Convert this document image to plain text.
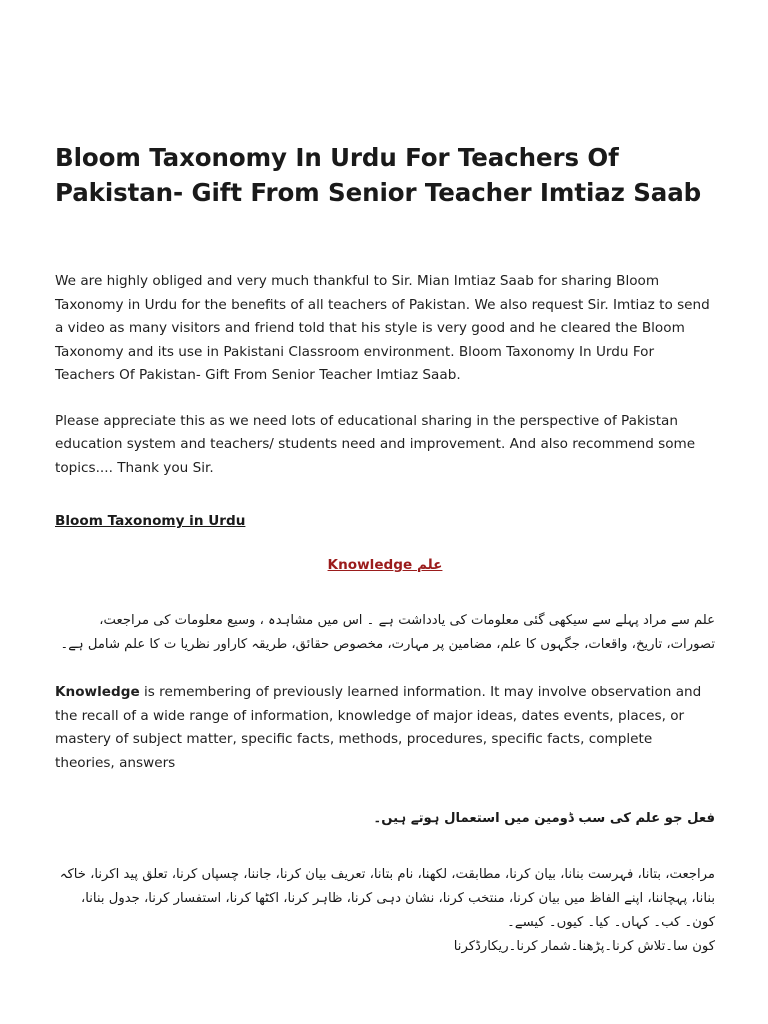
Bloom Taxonomy In Urdu For Teachers Of Pakistan- Gift From Senior Teacher Imtiaz Saab

We are highly obliged and very much thankful to Sir. Mian Imtiaz Saab for sharing Bloom Taxonomy in Urdu for the benefits of all teachers of Pakistan. We also request Sir. Imtiaz to send a video as many visitors and friend told that his style is very good and he cleared the Bloom Taxonomy and its use in Pakistani Classroom environment. Bloom Taxonomy In Urdu For Teachers Of Pakistan- Gift From Senior Teacher Imtiaz Saab.

Please appreciate this as we need lots of educational sharing in the perspective of Pakistan education system and teachers/ students need and improvement. And also recommend some topics.... Thank you Sir.

Bloom Taxonomy in Urdu

Knowledge علم

علم سے مراد پہلے سے سیکھی گئی معلومات کی یادداشت ہے ۔ اس میں مشاہدہ ، وسیع معلومات کی مراجعت، تصورات، تاریخ، واقعات، جگہوں کا علم، مضامین پر مہارت، مخصوص حقائق، طریقہ کاراور نظریا ت کا علم شامل ہے۔

Knowledge is remembering of previously learned information. It may involve observation and the recall of a wide range of information, knowledge of major ideas, dates events, places, or mastery of subject matter, specific facts, methods, procedures, specific facts, complete theories, answers

فعل جو علم کی سب ڈومین میں استعمال ہوتے ہیں۔

مراجعت، بتانا، فہرست بنانا، بیان کرنا، مطابقت، لکھنا، نام بتانا، تعریف بیان کرنا، جاننا، چسپاں کرنا، تعلق پید اکرنا، خاکہ بنانا، پہچاننا، اپنے الفاظ میں بیان کرنا، منتخب کرنا، نشان دہی کرنا، ظاہر کرنا، اکٹھا کرنا، استفسار کرنا، جدول بنانا،
کون۔ کب۔ کہاں۔ کیا۔ کیوں۔ کیسے۔
کون سا۔تلاش کرنا۔پڑھنا۔شمار کرنا۔ریکارڈکرنا
